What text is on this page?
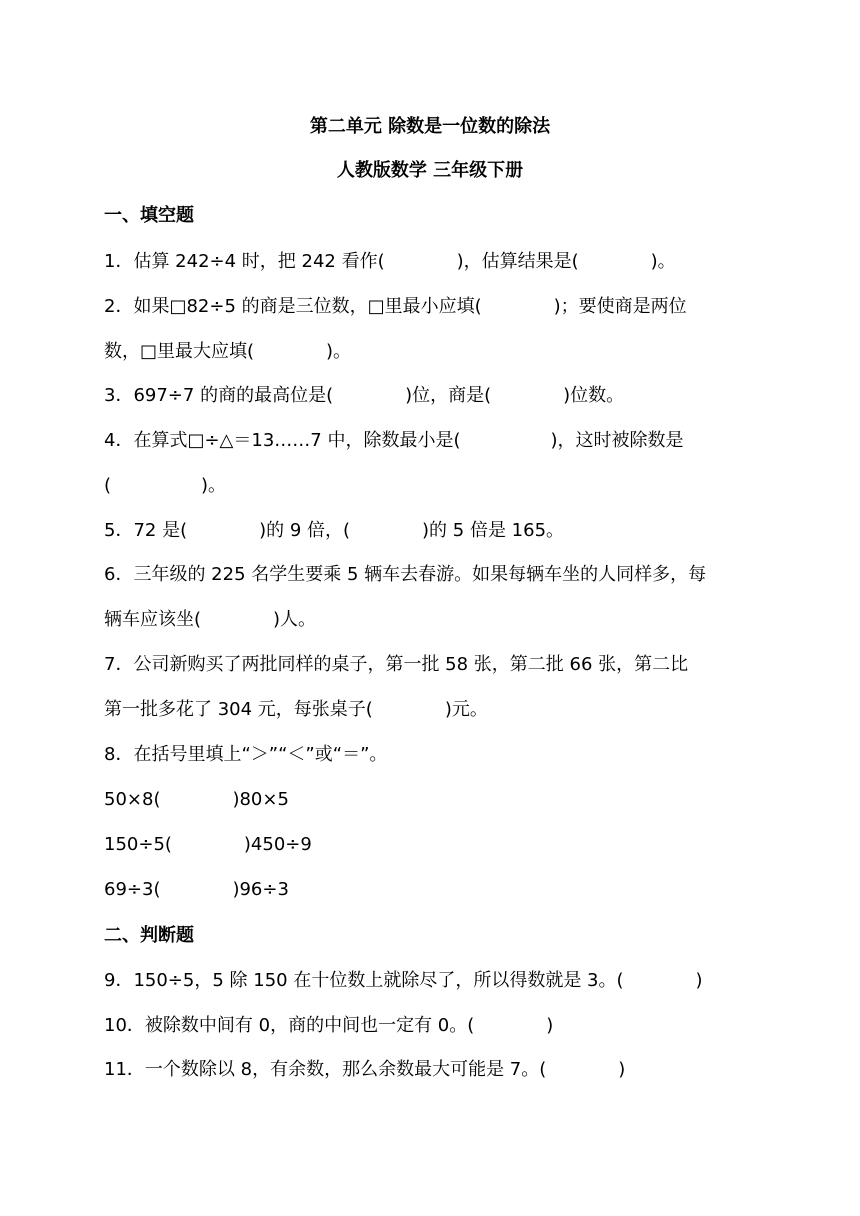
第二单元 除数是一位数的除法
人教版数学 三年级下册
一、填空题
1．估算 242÷4 时，把 242 看作(　　　　)，估算结果是(　　　　)。
2．如果□82÷5 的商是三位数，□里最小应填(　　　　)；要使商是两位
数，□里最大应填(　　　　)。
3．697÷7 的商的最高位是(　　　　)位，商是(　　　　)位数。
4．在算式□÷△＝13……7 中，除数最小是(　　　　　)，这时被除数是
(　　　　　)。
5．72 是(　　　　)的 9 倍，(　　　　)的 5 倍是 165。
6．三年级的 225 名学生要乘 5 辆车去春游。如果每辆车坐的人同样多，每
辆车应该坐(　　　　)人。
7．公司新购买了两批同样的桌子，第一批 58 张，第二批 66 张，第二比
第一批多花了 304 元，每张桌子(　　　　)元。
8．在括号里填上“＞”“＜”或“＝”。
50×8(　　　　)80×5
150÷5(　　　　)450÷9
69÷3(　　　　)96÷3
二、判断题
9．150÷5，5 除 150 在十位数上就除尽了，所以得数就是 3。(　　　　)
10．被除数中间有 0，商的中间也一定有 0。(　　　　)
11．一个数除以 8，有余数，那么余数最大可能是 7。(　　　　)
